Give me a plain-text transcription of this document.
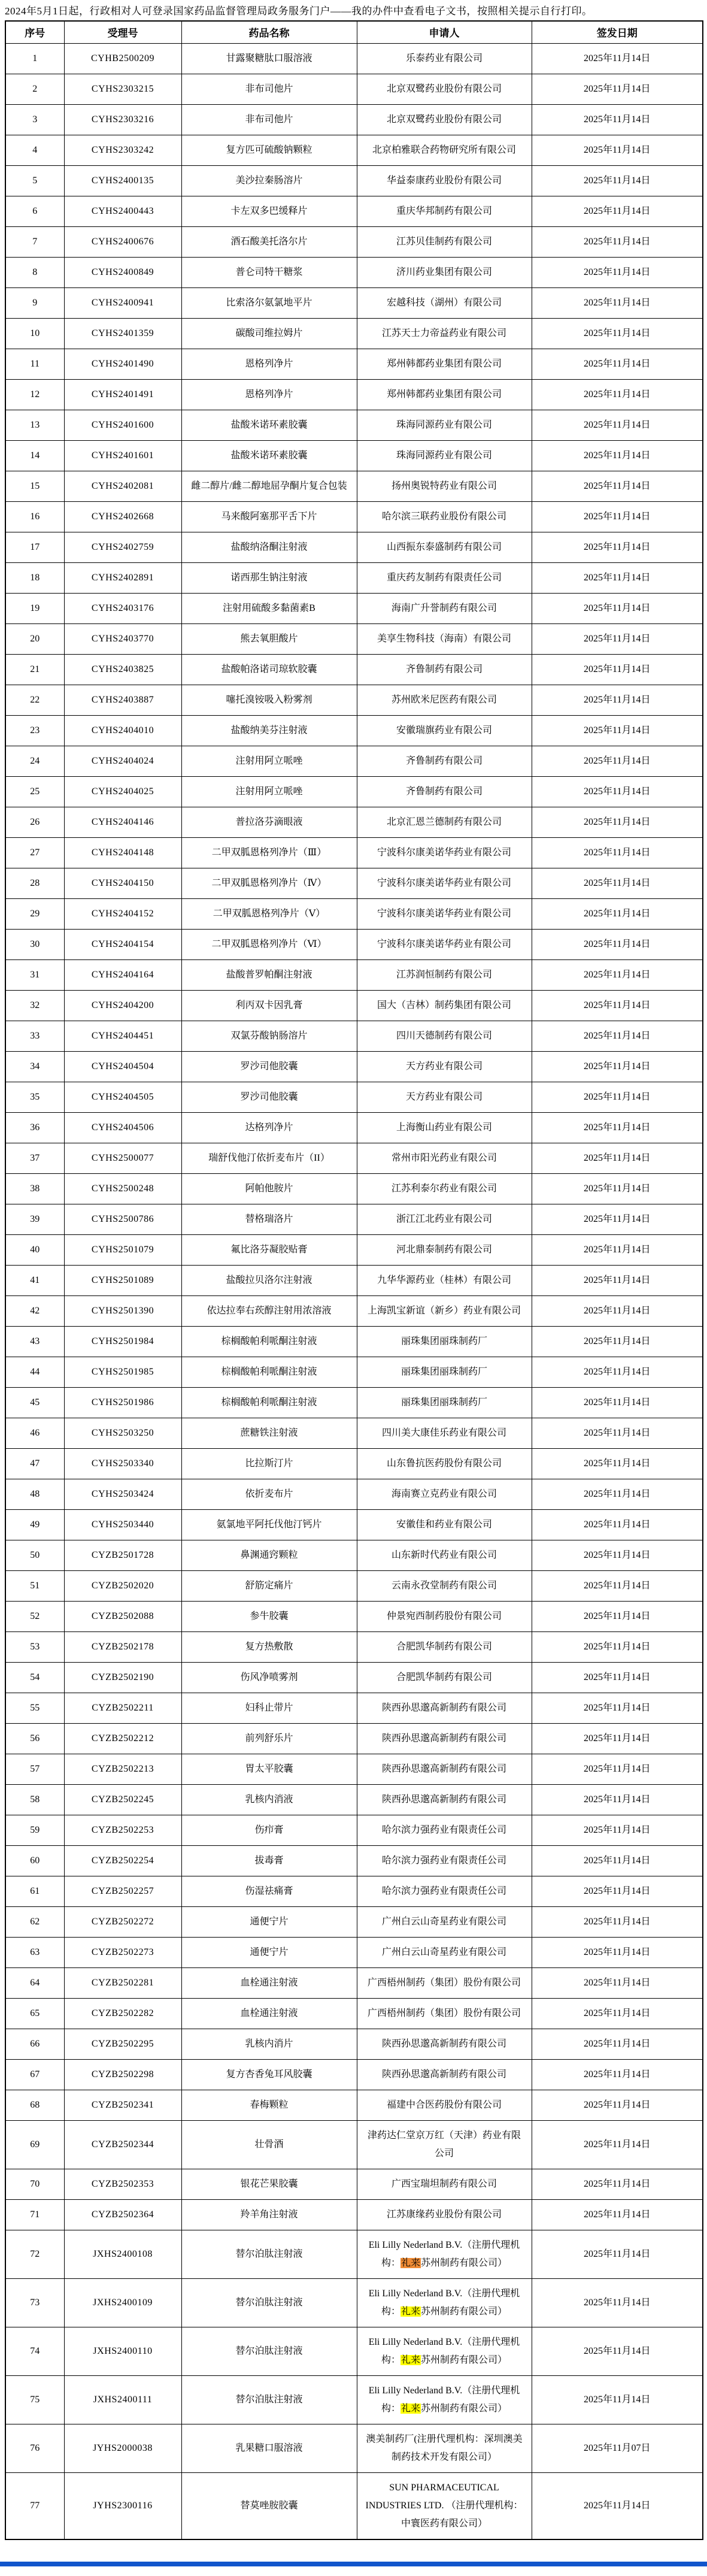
2024年5月1日起，行政相对人可登录国家药品监督管理局政务服务门户——我的办件中查看电子文书，按照相关提示自行打印。
序号	受理号	药品名称	申请人	签发日期
1	CYHB2500209	甘露聚糖肽口服溶液	乐泰药业有限公司	2025年11月14日
2	CYHS2303215	非布司他片	北京双鹭药业股份有限公司	2025年11月14日
3	CYHS2303216	非布司他片	北京双鹭药业股份有限公司	2025年11月14日
4	CYHS2303242	复方匹可硫酸钠颗粒	北京柏雅联合药物研究所有限公司	2025年11月14日
5	CYHS2400135	美沙拉秦肠溶片	华益泰康药业股份有限公司	2025年11月14日
6	CYHS2400443	卡左双多巴缓释片	重庆华邦制药有限公司	2025年11月14日
7	CYHS2400676	酒石酸美托洛尔片	江苏贝佳制药有限公司	2025年11月14日
8	CYHS2400849	普仑司特干糖浆	济川药业集团有限公司	2025年11月14日
9	CYHS2400941	比索洛尔氨氯地平片	宏越科技（湖州）有限公司	2025年11月14日
10	CYHS2401359	碳酸司维拉姆片	江苏天士力帝益药业有限公司	2025年11月14日
11	CYHS2401490	恩格列净片	郑州韩都药业集团有限公司	2025年11月14日
12	CYHS2401491	恩格列净片	郑州韩都药业集团有限公司	2025年11月14日
13	CYHS2401600	盐酸米诺环素胶囊	珠海同源药业有限公司	2025年11月14日
14	CYHS2401601	盐酸米诺环素胶囊	珠海同源药业有限公司	2025年11月14日
15	CYHS2402081	雌二醇片/雌二醇地屈孕酮片复合包装	扬州奥锐特药业有限公司	2025年11月14日
16	CYHS2402668	马来酸阿塞那平舌下片	哈尔滨三联药业股份有限公司	2025年11月14日
17	CYHS2402759	盐酸纳洛酮注射液	山西振东泰盛制药有限公司	2025年11月14日
18	CYHS2402891	诺西那生钠注射液	重庆药友制药有限责任公司	2025年11月14日
19	CYHS2403176	注射用硫酸多黏菌素B	海南广升誉制药有限公司	2025年11月14日
20	CYHS2403770	熊去氧胆酸片	美享生物科技（海南）有限公司	2025年11月14日
21	CYHS2403825	盐酸帕洛诺司琼软胶囊	齐鲁制药有限公司	2025年11月14日
22	CYHS2403887	噻托溴铵吸入粉雾剂	苏州欧米尼医药有限公司	2025年11月14日
23	CYHS2404010	盐酸纳美芬注射液	安徽瑞旗药业有限公司	2025年11月14日
24	CYHS2404024	注射用阿立哌唑	齐鲁制药有限公司	2025年11月14日
25	CYHS2404025	注射用阿立哌唑	齐鲁制药有限公司	2025年11月14日
26	CYHS2404146	普拉洛芬滴眼液	北京汇恩兰德制药有限公司	2025年11月14日
27	CYHS2404148	二甲双胍恩格列净片（Ⅲ）	宁波科尔康美诺华药业有限公司	2025年11月14日
28	CYHS2404150	二甲双胍恩格列净片（Ⅳ）	宁波科尔康美诺华药业有限公司	2025年11月14日
29	CYHS2404152	二甲双胍恩格列净片（Ⅴ）	宁波科尔康美诺华药业有限公司	2025年11月14日
30	CYHS2404154	二甲双胍恩格列净片（Ⅵ）	宁波科尔康美诺华药业有限公司	2025年11月14日
31	CYHS2404164	盐酸普罗帕酮注射液	江苏润恒制药有限公司	2025年11月14日
32	CYHS2404200	利丙双卡因乳膏	国大（吉林）制药集团有限公司	2025年11月14日
33	CYHS2404451	双氯芬酸钠肠溶片	四川天德制药有限公司	2025年11月14日
34	CYHS2404504	罗沙司他胶囊	天方药业有限公司	2025年11月14日
35	CYHS2404505	罗沙司他胶囊	天方药业有限公司	2025年11月14日
36	CYHS2404506	达格列净片	上海衡山药业有限公司	2025年11月14日
37	CYHS2500077	瑞舒伐他汀依折麦布片（II）	常州市阳光药业有限公司	2025年11月14日
38	CYHS2500248	阿帕他胺片	江苏利泰尔药业有限公司	2025年11月14日
39	CYHS2500786	替格瑞洛片	浙江江北药业有限公司	2025年11月14日
40	CYHS2501079	氟比洛芬凝胶贴膏	河北鼎泰制药有限公司	2025年11月14日
41	CYHS2501089	盐酸拉贝洛尔注射液	九华华源药业（桂林）有限公司	2025年11月14日
42	CYHS2501390	依达拉奉右莰醇注射用浓溶液	上海凯宝新谊（新乡）药业有限公司	2025年11月14日
43	CYHS2501984	棕榈酸帕利哌酮注射液	丽珠集团丽珠制药厂	2025年11月14日
44	CYHS2501985	棕榈酸帕利哌酮注射液	丽珠集团丽珠制药厂	2025年11月14日
45	CYHS2501986	棕榈酸帕利哌酮注射液	丽珠集团丽珠制药厂	2025年11月14日
46	CYHS2503250	蔗糖铁注射液	四川美大康佳乐药业有限公司	2025年11月14日
47	CYHS2503340	比拉斯汀片	山东鲁抗医药股份有限公司	2025年11月14日
48	CYHS2503424	依折麦布片	海南赛立克药业有限公司	2025年11月14日
49	CYHS2503440	氨氯地平阿托伐他汀钙片	安徽佳和药业有限公司	2025年11月14日
50	CYZB2501728	鼻渊通窍颗粒	山东新时代药业有限公司	2025年11月14日
51	CYZB2502020	舒筋定痛片	云南永孜堂制药有限公司	2025年11月14日
52	CYZB2502088	参牛胶囊	仲景宛西制药股份有限公司	2025年11月14日
53	CYZB2502178	复方热敷散	合肥凯华制药有限公司	2025年11月14日
54	CYZB2502190	伤风净喷雾剂	合肥凯华制药有限公司	2025年11月14日
55	CYZB2502211	妇科止带片	陕西孙思邈高新制药有限公司	2025年11月14日
56	CYZB2502212	前列舒乐片	陕西孙思邈高新制药有限公司	2025年11月14日
57	CYZB2502213	胃太平胶囊	陕西孙思邈高新制药有限公司	2025年11月14日
58	CYZB2502245	乳核内消液	陕西孙思邈高新制药有限公司	2025年11月14日
59	CYZB2502253	伤疖膏	哈尔滨力强药业有限责任公司	2025年11月14日
60	CYZB2502254	拔毒膏	哈尔滨力强药业有限责任公司	2025年11月14日
61	CYZB2502257	伤湿祛痛膏	哈尔滨力强药业有限责任公司	2025年11月14日
62	CYZB2502272	通便宁片	广州白云山奇星药业有限公司	2025年11月14日
63	CYZB2502273	通便宁片	广州白云山奇星药业有限公司	2025年11月14日
64	CYZB2502281	血栓通注射液	广西梧州制药（集团）股份有限公司	2025年11月14日
65	CYZB2502282	血栓通注射液	广西梧州制药（集团）股份有限公司	2025年11月14日
66	CYZB2502295	乳核内消片	陕西孙思邈高新制药有限公司	2025年11月14日
67	CYZB2502298	复方杏香兔耳风胶囊	陕西孙思邈高新制药有限公司	2025年11月14日
68	CYZB2502341	春梅颗粒	福建中合医药股份有限公司	2025年11月14日
69	CYZB2502344	壮骨酒	津药达仁堂京万红（天津）药业有限公司	2025年11月14日
70	CYZB2502353	银花芒果胶囊	广西宝瑞坦制药有限公司	2025年11月14日
71	CYZB2502364	羚羊角注射液	江苏康缘药业股份有限公司	2025年11月14日
72	JXHS2400108	替尔泊肽注射液	Eli Lilly Nederland B.V.（注册代理机构：礼来苏州制药有限公司）	2025年11月14日
73	JXHS2400109	替尔泊肽注射液	Eli Lilly Nederland B.V.（注册代理机构：礼来苏州制药有限公司）	2025年11月14日
74	JXHS2400110	替尔泊肽注射液	Eli Lilly Nederland B.V.（注册代理机构：礼来苏州制药有限公司）	2025年11月14日
75	JXHS2400111	替尔泊肽注射液	Eli Lilly Nederland B.V.（注册代理机构：礼来苏州制药有限公司）	2025年11月14日
76	JYHS2000038	乳果糖口服溶液	澳美制药厂(注册代理机构：深圳澳美制药技术开发有限公司）	2025年11月07日
77	JYHS2300116	替莫唑胺胶囊	SUN PHARMACEUTICAL INDUSTRIES LTD. （注册代理机构：中寰医药有限公司）	2025年11月14日
